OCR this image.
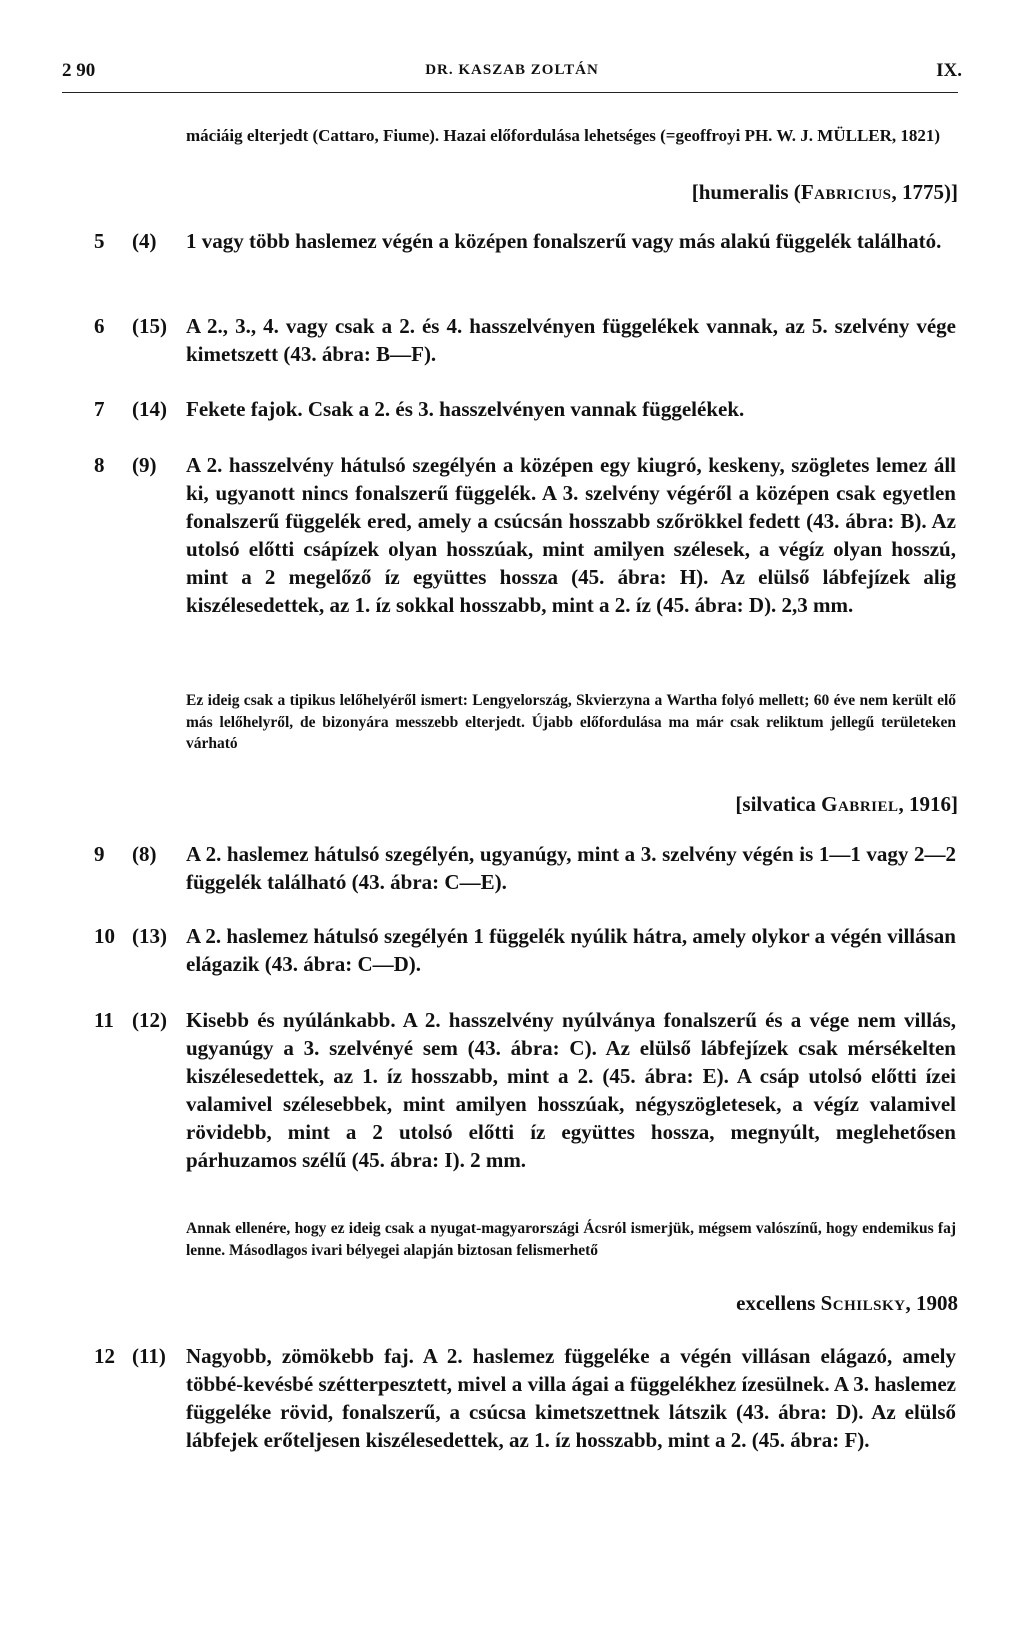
2 90	DR. KASZAB ZOLTÁN	IX.
máciáig elterjedt (Cattaro, Fiume). Hazai előfordulása lehetséges (=geoffroyi PH. W. J. MÜLLER, 1821)
[humeralis (Fabricius, 1775)]
5	(4) 1 vagy több haslemez végén a középen fonalszerű vagy más alakú függelék található.
6	(15) A 2., 3., 4. vagy csak a 2. és 4. hasszelvényen függelékek vannak, az 5. szelvény vége kimetszett (43. ábra: B—F).
7	(14) Fekete fajok. Csak a 2. és 3. hasszelvényen vannak függelékek.
8	(9) A 2. hasszelvény hátulsó szegélyén a középen egy kiugró, keskeny, szögletes lemez áll ki, ugyanott nincs fonalszerű függelék. A 3. szelvény végéről a középen csak egyetlen fonalszerű függelék ered, amely a csúcsán hosszabb szőrökkel fedett (43. ábra: B). Az utolsó előtti csápízek olyan hosszúak, mint amilyen szélesek, a végíz olyan hosszú, mint a 2 megelőző íz együttes hossza (45. ábra: H). Az elülső lábfejízek alig kiszélesedettek, az 1. íz sokkal hosszabb, mint a 2. íz (45. ábra: D). 2,3 mm.
Ez ideig csak a tipikus lelőhelyéről ismert: Lengyelország, Skvierzyna a Wartha folyó mellett; 60 éve nem került elő más lelőhelyről, de bizonyára messzebb elterjedt. Újabb előfordulása ma már csak reliktum jellegű területeken várható
[silvatica Gabriel, 1916]
9	(8) A 2. haslemez hátulsó szegélyén, ugyanúgy, mint a 3. szelvény végén is 1—1 vagy 2—2 függelék található (43. ábra: C—E).
10 (13) A 2. haslemez hátulsó szegélyén 1 függelék nyúlik hátra, amely olykor a végén villásan elágazik (43. ábra: C—D).
11 (12) Kisebb és nyúlánkabb. A 2. hasszelvény nyúlványa fonalszerű és a vége nem villás, ugyanúgy a 3. szelvényé sem (43. ábra: C). Az elülső lábfejízek csak mérsékelten kiszélesedettek, az 1. íz hosszabb, mint a 2. (45. ábra: E). A csáp utolsó előtti ízei valamivel szélesebbek, mint amilyen hosszúak, négyszögletesek, a végíz valamivel rövidebb, mint a 2 utolsó előtti íz együttes hossza, megnyúlt, meglehetősen párhuzamos szélű (45. ábra: I). 2 mm.
Annak ellenére, hogy ez ideig csak a nyugat-magyarországi Ácsról ismerjük, mégsem valószínű, hogy endemikus faj lenne. Másodlagos ivari bélyegei alapján biztosan felismerhető
excellens Schilsky, 1908
12 (11) Nagyobb, zömökebb faj. A 2. haslemez függeléke a végén villásan elágazó, amely többé-kevésbé szétterpesztett, mivel a villa ágai a függelékhez ízesülnek. A 3. haslemez függeléke rövid, fonalszerű, a csúcsa kimetszettnek látszik (43. ábra: D). Az elülső lábfejek erőteljesen kiszélesedettek, az 1. íz hosszabb, mint a 2. (45. ábra: F).
